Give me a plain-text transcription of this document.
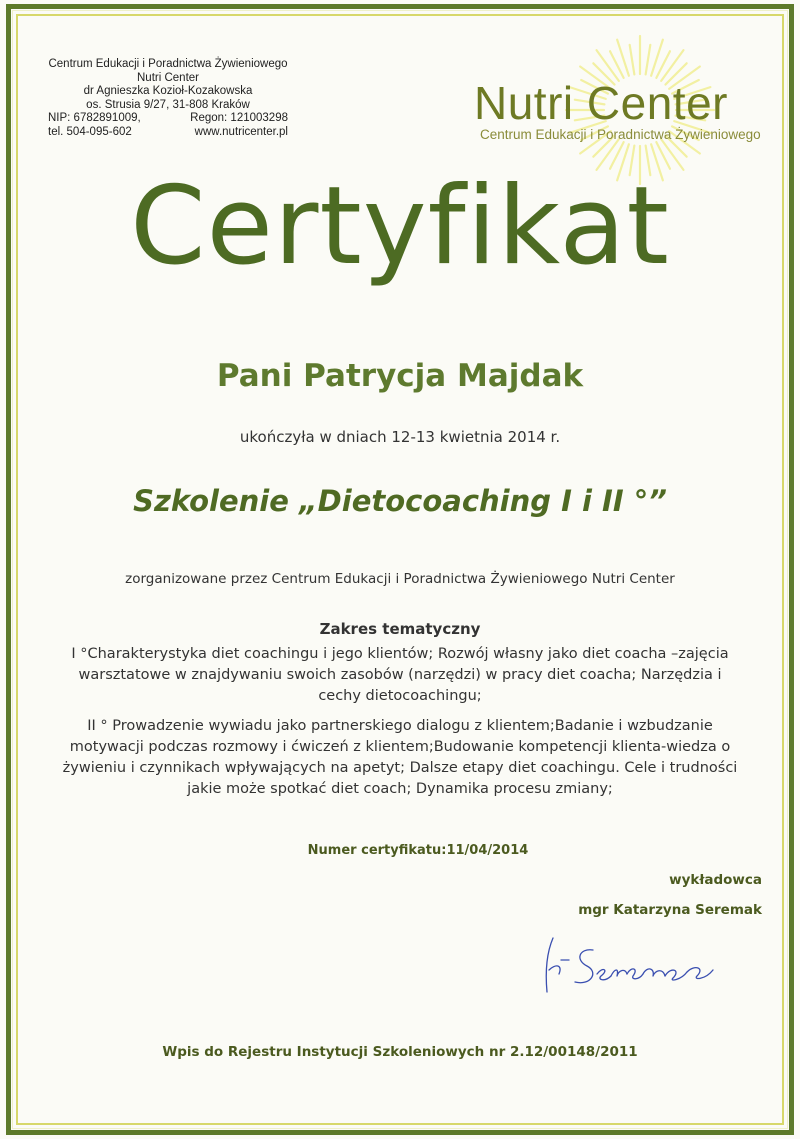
Centrum Edukacji i Poradnictwa Żywieniowego
Nutri Center
dr Agnieszka Kozioł-Kozakowska
os. Strusia 9/27, 31-808 Kraków
NIP: 6782891009,	Regon: 121003298
tel. 504-095-602	www.nutricenter.pl
Nutri Center
Centrum Edukacji i Poradnictwa Żywieniowego
Certyfikat
Pani Patrycja Majdak
ukończyła w dniach 12-13 kwietnia 2014 r.
Szkolenie „Dietocoaching I i II °”
zorganizowane przez Centrum Edukacji i Poradnictwa Żywieniowego Nutri Center
Zakres tematyczny
I °Charakterystyka diet coachingu i jego klientów; Rozwój własny jako diet coacha –zajęcia warsztatowe w znajdywaniu swoich zasobów (narzędzi) w pracy diet coacha; Narzędzia i cechy dietocoachingu;
II ° Prowadzenie wywiadu jako partnerskiego dialogu z klientem;Badanie i wzbudzanie motywacji podczas rozmowy i ćwiczeń z klientem;Budowanie kompetencji klienta-wiedza o żywieniu i czynnikach wpływających na apetyt; Dalsze etapy diet coachingu. Cele i trudności jakie może spotkać diet coach; Dynamika procesu zmiany;
Numer certyfikatu:11/04/2014
wykładowca
mgr Katarzyna Seremak
Wpis do Rejestru Instytucji Szkoleniowych nr 2.12/00148/2011
